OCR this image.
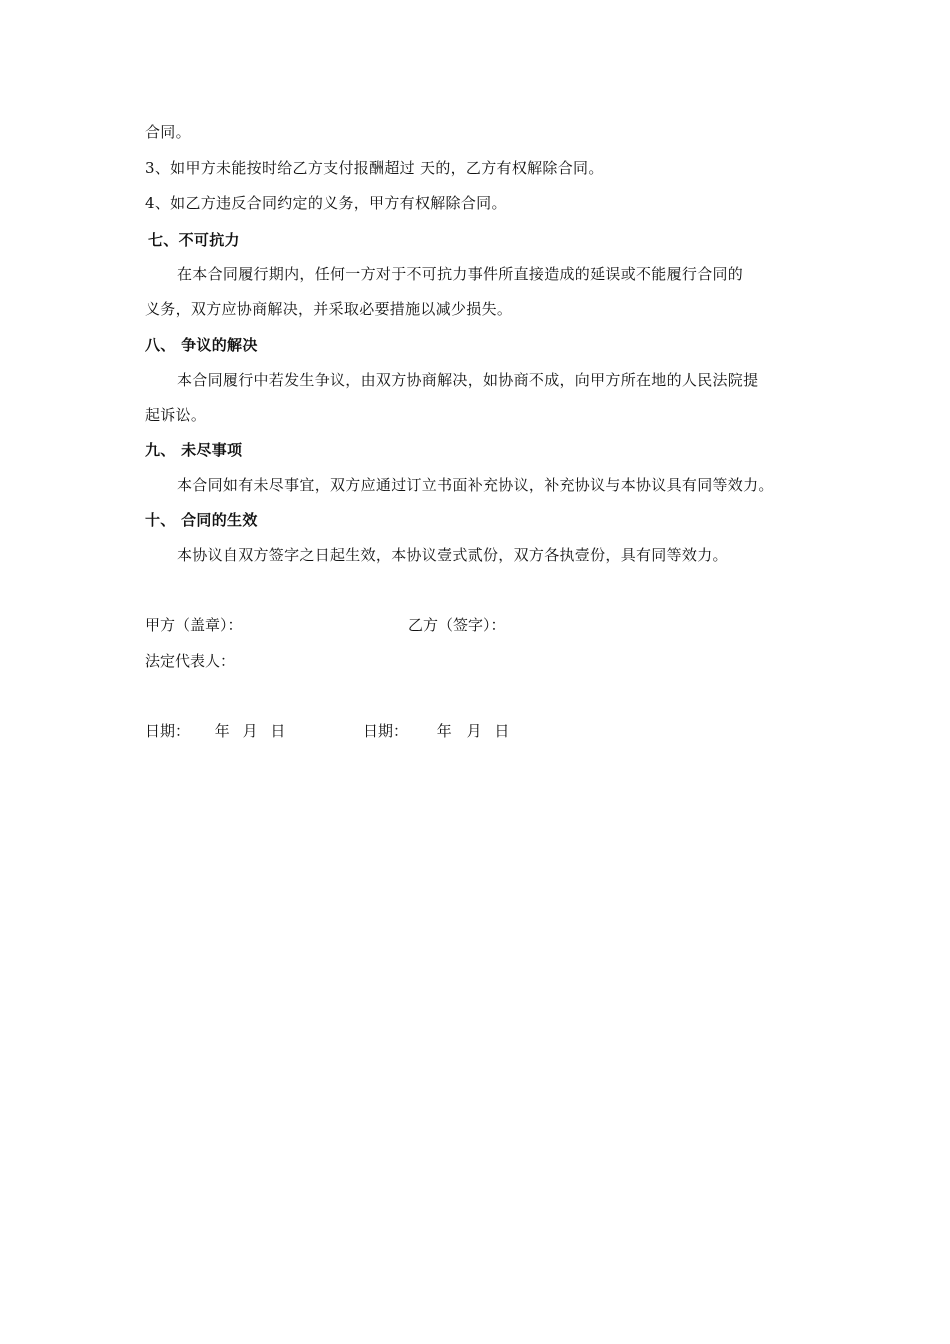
合同。
3、如甲方未能按时给乙方支付报酬超过 天的，乙方有权解除合同。
4、如乙方违反合同约定的义务，甲方有权解除合同。
七、不可抗力
在本合同履行期内，任何一方对于不可抗力事件所直接造成的延误或不能履行合同的
义务，双方应协商解决，并采取必要措施以减少损失。
八、 争议的解决
本合同履行中若发生争议，由双方协商解决，如协商不成，向甲方所在地的人民法院提
起诉讼。
九、 未尽事项
本合同如有未尽事宜，双方应通过订立书面补充协议，补充协议与本协议具有同等效力。
十、 合同的生效
本协议自双方签字之日起生效，本协议壹式贰份，双方各执壹份，具有同等效力。
甲方（盖章）：	乙方（签字）：
法定代表人：
日期： 年 月 日	日期： 年 月 日
